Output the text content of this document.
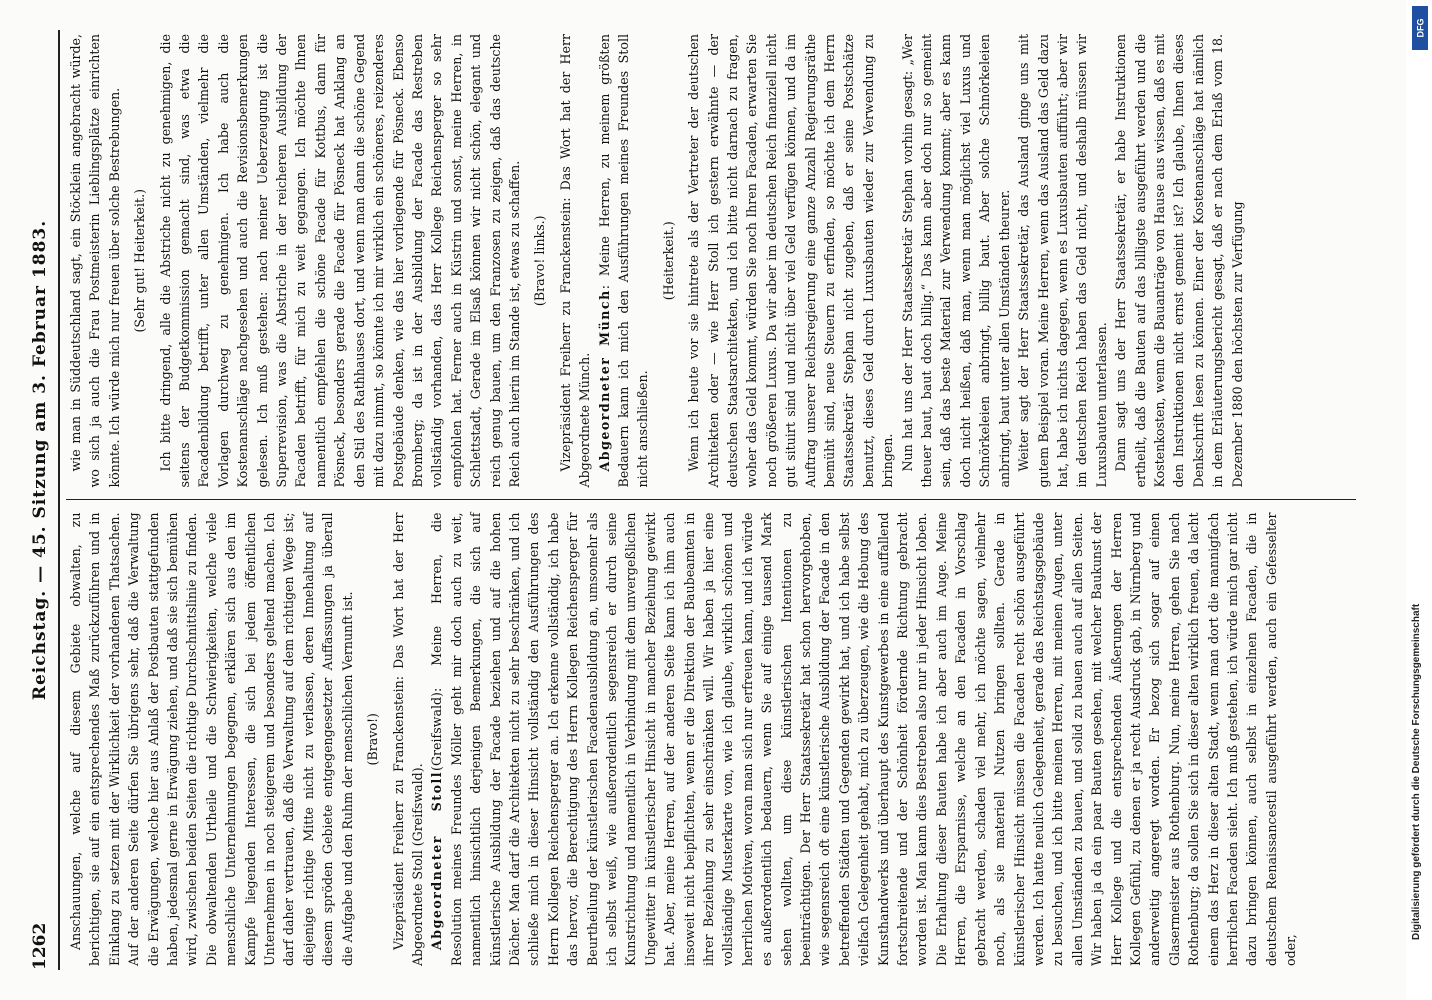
1262
Reichstag. — 45. Sitzung am 3. Februar 1883.

Anschauungen, welche auf diesem Gebiete obwalten, zu berichtigen, sie auf ein entsprechendes Maß zurückzuführen und in Einklang zu setzen mit der Wirklichkeit der vorhandenen Thatsachen. Auf der anderen Seite dürfen Sie übrigens sehr, daß die Verwaltung die Erwägungen, welche hier aus Anlaß der Postbauten stattgefunden haben, jedesmal gerne in Erwägung ziehen, und daß sie sich bemühen wird, zwischen beiden Seiten die richtige Durchschnittslinie zu finden. Die obwaltenden Urtheile und die Schwierigkeiten, welche viele menschliche Unternehmungen begegnen, erklären sich aus den im Kampfe liegenden Interessen, die sich bei jedem öffentlichen Unternehmen in noch steigerem und besonders geltend machen. Ich darf daher vertrauen, daß die Verwaltung auf dem richtigen Wege ist; diejenige richtige Mitte nicht zu verlassen, deren Innehaltung auf diesem spröden Gebiete entgegengesetzter Auffassungen ja überall die Aufgabe und den Ruhm der menschlichen Vernunft ist. (Bravo!) Vizepräsident Freiherr zu Franckenstein: Das Wort hat der Herr Abgeordnete Stoll (Greifswald). Abgeordneter Stoll(Greifswald): Meine Herren, die Resolution meines Freundes Möller geht mir doch auch zu weit, namentlich hinsichtlich derjenigen Bemerkungen, die sich auf künstlerische Ausbildung der Facade beziehen und auf die hohen Dächer. Man darf die Architekten nicht zu sehr beschränken, und ich schließe mich in dieser Hinsicht vollständig den Ausführungen des Herrn Kollegen Reichensperger an. Ich erkenne vollständig, ich habe das hervor, die Berechtigung des Herrn Kollegen Reichensperger für Beurtheilung der künstlerischen Facadenausbildung an, umsomehr als ich selbst weiß, wie außerordentlich segensreich er durch seine Kunstrichtung und namentlich in Verbindung mit dem unvergeßlichen Ungewitter in künstlerischer Hinsicht in mancher Beziehung gewirkt hat. Aber, meine Herren, auf der anderen Seite kann ich ihm auch insoweit nicht beipflichten, wenn er die Direktion der Baubeamten in ihrer Beziehung zu sehr einschränken will. Wir haben ja hier eine vollständige Musterkarte von, wie ich glaube, wirklich schönen und herrlichen Motiven, woran man sich nur erfreuen kann, und ich würde es außerordentlich bedauern, wenn Sie auf einige tausend Mark sehen wollten, um diese künstlerischen Intentionen zu beeinträchtigen. Der Herr Staatssekretär hat schon hervorgehoben, wie segensreich oft eine künstlerische Ausbildung der Facade in den betreffenden Städten und Gegenden gewirkt hat, und ich habe selbst vielfach Gelegenheit gehabt, mich zu überzeugen, wie die Hebung des Kunsthandwerks und überhaupt des Kunstgewerbes in eine auffallend fortschreitende und der Schönheit fördernde Richtung gebracht worden ist. Man kann dies Bestreben also nur in jeder Hinsicht loben. Die Erhaltung dieser Bauten habe ich aber auch im Auge. Meine Herren, die Ersparnisse, welche an den Facaden in Vorschlag gebracht werden, schaden viel mehr, ich möchte sagen, vielmehr noch, als sie materiell Nutzen bringen sollten. Gerade in künstlerischer Hinsicht müssen die Facaden recht schön ausgeführt werden. Ich hatte neulich Gelegenheit, gerade das Reichstagsgebäude zu besuchen, und ich bitte meinen Herren, mit meinen Augen, unter allen Umständen zu bauen, und solid zu bauen auch auf allen Seiten. Wir haben ja da ein paar Bauten gesehen, mit welcher Baukunst der Herr Kollege und die entsprechenden Äußerungen der Herren Kollegen Gefühl, zu denen er ja recht Ausdruck gab, in Nürnberg und anderweitig angeregt worden. Er bezog sich sogar auf einen Glasermeister aus Rothenburg. Nun, meine Herren, gehen Sie nach Rothenburg; da sollen Sie sich in dieser alten wirklich freuen, da lacht einem das Herz in dieser alten Stadt, wenn man dort die mannigfach herrlichen Facaden sieht. Ich muß gestehen, ich würde mich gar nicht dazu bringen können, auch selbst in einzelnen Facaden, die in deutschem Renaissancestil ausgeführt werden, auch ein Gefesselter oder,

wie man in Süddeutschland sagt, ein Stöcklein angebracht würde, wo sich ja auch die Frau Postmeisterin Lieblingsplätze einrichten könnte. Ich würde mich nur freuen über solche Bestrebungen. (Sehr gut! Heiterkeit.) Ich bitte dringend, alle die Abstriche nicht zu genehmigen, die seitens der Budgetkommission gemacht sind, was etwa die Facadenbildung betrifft, unter allen Umständen, vielmehr die Vorlagen durchweg zu genehmigen. Ich habe auch die Kostenanschläge nachgesehen und auch die Revisionsbemerkungen gelesen. Ich muß gestehen: nach meiner Ueberzeugung ist die Superrevision, was die Abstriche in der reicheren Ausbildung der Facaden betrifft, für mich zu weit gegangen. Ich möchte Ihnen namentlich empfehlen die schöne Facade für Kottbus, dann für Pösneck, besonders gerade die Facade für Pösneck hat Anklang an den Stil des Rathhauses dort, und wenn man dann die schöne Gegend mit dazu nimmt, so könnte ich mir wirklich ein schöneres, reizenderes Postgebäude denken, wie das hier vorliegende für Pösneck. Ebenso Bromberg; da ist in der Ausbildung der Facade das Restreben vollständig vorhanden, das Herr Kollege Reichensperger so sehr empfohlen hat. Ferner auch in Küstrin und sonst, meine Herren, in Schlettstadt, Gerade im Elsaß können wir nicht schön, elegant und reich genug bauen, um den Franzosen zu zeigen, daß das deutsche Reich auch hierin im Stande ist, etwas zu schaffen. (Bravo! links.) Vizepräsident Freiherr zu Franckenstein: Das Wort hat der Herr Abgeordnete Münch. Abgeordneter Münch: Meine Herren, zu meinem größten Bedauern kann ich mich den Ausführungen meines Freundes Stoll nicht anschließen.

(Heiterkeit.) Wenn ich heute vor sie hintrete als der Vertreter der deutschen Architekten oder — wie Herr Stoll ich gestern erwähnte — der deutschen Staatsarchitekten, und ich bitte nicht darnach zu fragen, woher das Geld kommt, würden Sie noch Ihren Facaden, erwarten Sie noch größeren Luxus. Da wir aber im deutschen Reich finanziell nicht gut situirt sind und nicht über viel Geld verfügen können, und da im Auftrag unserer Reichsregierung eine ganze Anzahl Regierungsräthe bemüht sind, neue Steuern zu erfinden, so möchte ich dem Herrn Staatssekretär Stephan nicht zugeben, daß er seine Postschätze benutzt, dieses Geld durch Luxusbauten wieder zur Verwendung zu bringen. Nun hat uns der Herr Staatssekretär Stephan vorhin gesagt: „Wer theuer baut, baut doch billig.“ Das kann aber doch nur so gemeint sein, daß das beste Material zur Verwendung kommt; aber es kann doch nicht heißen, daß man, wenn man möglichst viel Luxus und Schnörkeleien anbringt, billig baut. Aber solche Schnörkeleien anbringt, baut unter allen Umständen theurer. Weiter sagt der Herr Staatssekretär, das Ausland ginge uns mit gutem Beispiel voran. Meine Herren, wenn das Ausland das Geld dazu hat, habe ich nichts dagegen, wenn es Luxusbauten aufführt; aber wir im deutschen Reich haben das Geld nicht, und deshalb müssen wir Luxusbauten unterlassen. Dann sagt uns der Herr Staatssekretär, er habe Instruktionen ertheilt, daß die Bauten auf das billigste ausgeführt werden und die Kostenkosten, wenn die Bauanträge von Hause aus wissen, daß es mit den Instruktionen nicht ernst gemeint ist? Ich glaube, Ihnen dieses Denkschrift lesen zu können. Einer der Kostenanschläge hat nämlich in dem Erläuterungsbericht gesagt, daß er nach dem Erlaß vom 18. Dezember 1880 den höchsten zur Verfügung

DFG
Digitalisierung gefördert durch die Deutsche Forschungsgemeinschaft
